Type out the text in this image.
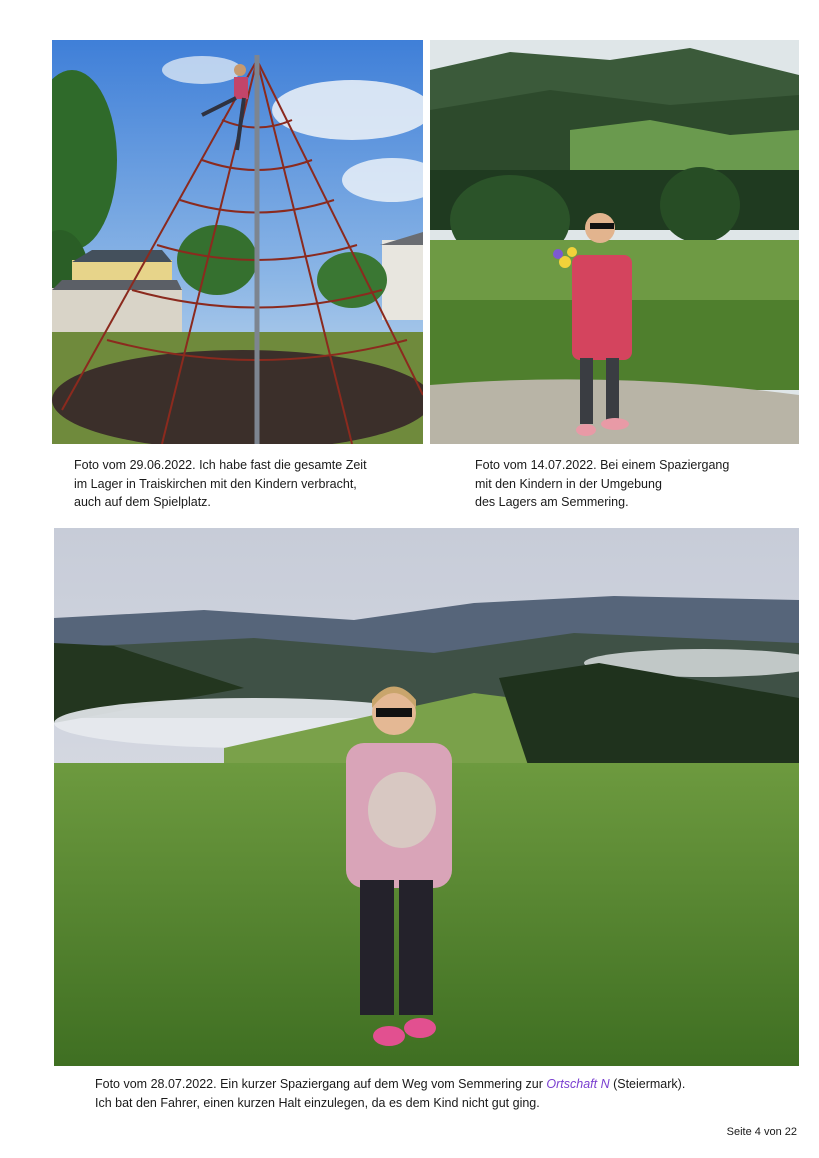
Foto vom 29.06.2022. Ich habe fast die gesamte Zeit
im Lager in Traiskirchen mit den Kindern verbracht,
auch auf dem Spielplatz.
Foto vom 14.07.2022. Bei einem Spaziergang
mit den Kindern in der Umgebung
des Lagers am Semmering.
Foto vom 28.07.2022. Ein kurzer Spaziergang auf dem Weg vom Semmering zur Ortschaft N (Steiermark).
Ich bat den Fahrer, einen kurzen Halt einzulegen, da es dem Kind nicht gut ging.
Seite 4 von 22
